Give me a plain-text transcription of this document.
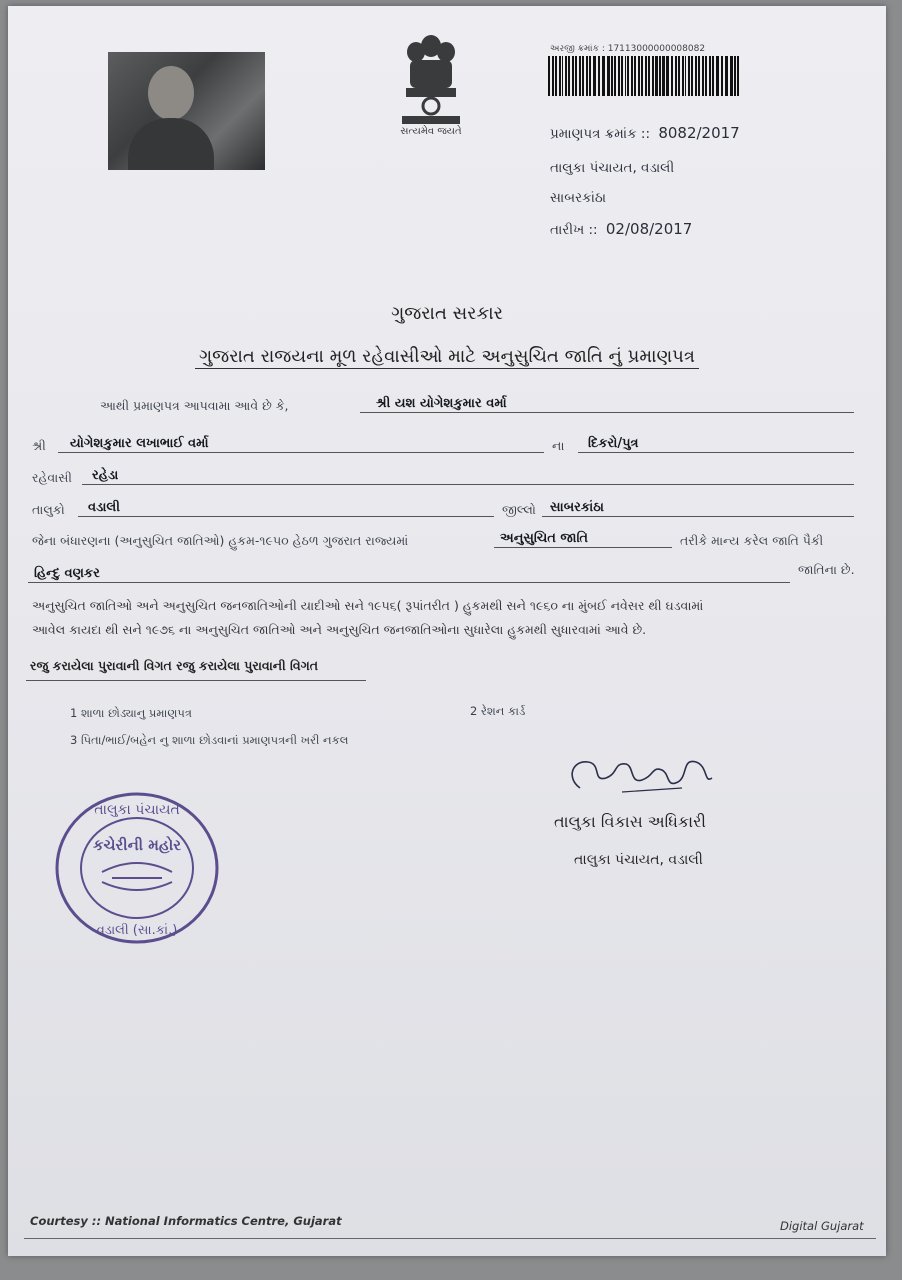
સત્યમેવ જયતે
અરજી ક્રમાંક : 17113000000008082
પ્રમાણપત્ર ક્રમાંક :: 8082/2017
તાલુકા પંચાયત, વડાલી
સાબરકાંઠા
તારીખ :: 02/08/2017
ગુજરાત સરકાર
ગુજરાત રાજયના મૂળ રહેવાસીઓ માટે અનુસુચિત જાતિ નું પ્રમાણપત્ર
આથી પ્રમાણપત્ર આપવામા આવે છે કે,	શ્રી યશ યોગેશકુમાર વર્મા
શ્રી યોગેશકુમાર લખાભાઈ વર્મા	ના દિકરો/પુત્ર
રહેવાસી રહેડા
તાલુકો વડાલી	જીલ્લો સાબરકાંઠા
જેના બંધારણના (અનુસુચિત જાતિઓ) હુકમ-૧૯૫૦ હેઠળ ગુજરાત રાજ્યમાં	અનુસુચિત જાતિ	તરીકે માન્ય કરેલ જાતિ પૈકી
હિન્દુ વણકર	જાતિના છે.
અનુસુચિત જાતિઓ અને અનુસુચિત જનજાતિઓની યાદીઓ સને ૧૯૫૬( રૂપાંતરીત ) હુકમથી સને ૧૯૬૦ ના મુંબઈ નવેસર થી ઘડવામાં
આવેલ કાયદા થી સને ૧૯૭૬ ના અનુસુચિત જાતિઓ અને અનુસુચિત જનજાતિઓના સુધારેલા હુકમથી સુધારવામાં આવે છે.
રજુ કરાયેલા પુરાવાની વિગત રજુ કરાયેલા પુરાવાની વિગત
1 શાળા છોડ્યાનુ પ્રમાણપત્ર	2 રેશન કાર્ડ
3 પિતા/ભાઈ/બહેન નુ શાળા છોડવાનાં પ્રમાણપત્રની ખરી નકલ
તાલુકા પંચાયત
કચેરીની મહોર
વડાલી (સા.કાં.)
તાલુકા વિકાસ અધિકારી
તાલુકા પંચાયત, વડાલી
Courtesy :: National Informatics Centre, Gujarat	Digital Gujarat
